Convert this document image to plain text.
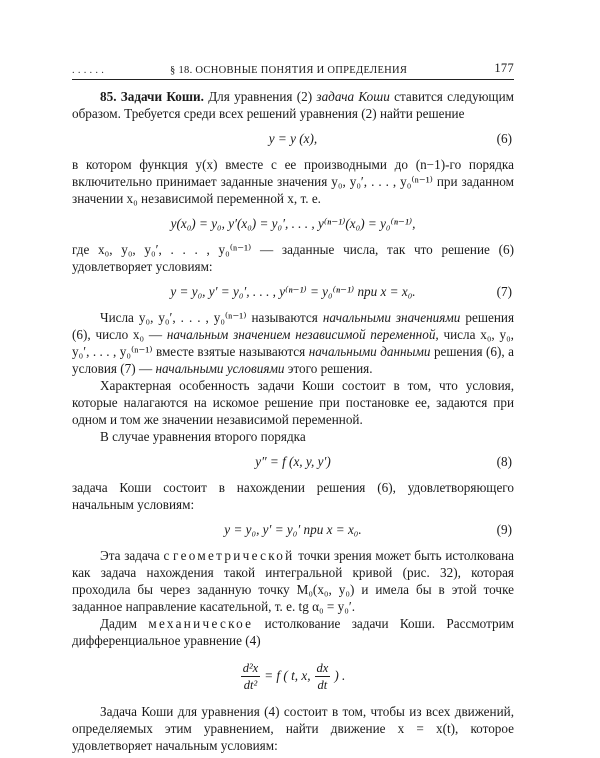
. . . . . .	§ 18. ОСНОВНЫЕ ПОНЯТИЯ И ОПРЕДЕЛЕНИЯ	177

85. Задачи Коши. Для уравнения (2) задача Коши ставится следующим образом. Требуется среди всех решений уравнения (2) найти решение

y = y (x),	(6)

в котором функция y(x) вместе с ее производными до (n−1)-го порядка включительно принимает заданные значения y₀, y₀′, . . . , y₀⁽ⁿ⁻¹⁾ при заданном значении x₀ независимой переменной x, т. е.

y(x₀) = y₀, y′(x₀) = y₀′, . . . , y⁽ⁿ⁻¹⁾(x₀) = y₀⁽ⁿ⁻¹⁾,

где x₀, y₀, y₀′, . . . , y₀⁽ⁿ⁻¹⁾ — заданные числа, так что решение (6) удовлетворяет условиям:

y = y₀, y′ = y₀′, . . . , y⁽ⁿ⁻¹⁾ = y₀⁽ⁿ⁻¹⁾ при x = x₀.	(7)

Числа y₀, y₀′, . . . , y₀⁽ⁿ⁻¹⁾ называются начальными значениями решения (6), число x₀ — начальным значением независимой переменной, числа x₀, y₀, y₀′, . . . , y₀⁽ⁿ⁻¹⁾ вместе взятые называются начальными данными решения (6), а условия (7) — начальными условиями этого решения.

Характерная особенность задачи Коши состоит в том, что условия, которые налагаются на искомое решение при постановке ее, задаются при одном и том же значении независимой переменной.

В случае уравнения второго порядка

y″ = f (x, y, y′)	(8)

задача Коши состоит в нахождении решения (6), удовлетворяющего начальным условиям:

y = y₀, y′ = y₀′ при x = x₀.	(9)

Эта задача с геометрической точки зрения может быть истолкована как задача нахождения такой интегральной кривой (рис. 32), которая проходила бы через заданную точку M₀(x₀, y₀) и имела бы в этой точке заданное направление касательной, т. е. tg α₀ = y₀′.

Дадим механическое истолкование задачи Коши. Рассмотрим дифференциальное уравнение (4)

$\frac{\text{d²x}}{\text{dt²}} = f$ ( t, x, $\frac{dx}{dt}$ ) .

Задача Коши для уравнения (4) состоит в том, чтобы из всех движений, определяемых этим уравнением, найти движение x = x(t), которое удовлетворяет начальным условиям:
